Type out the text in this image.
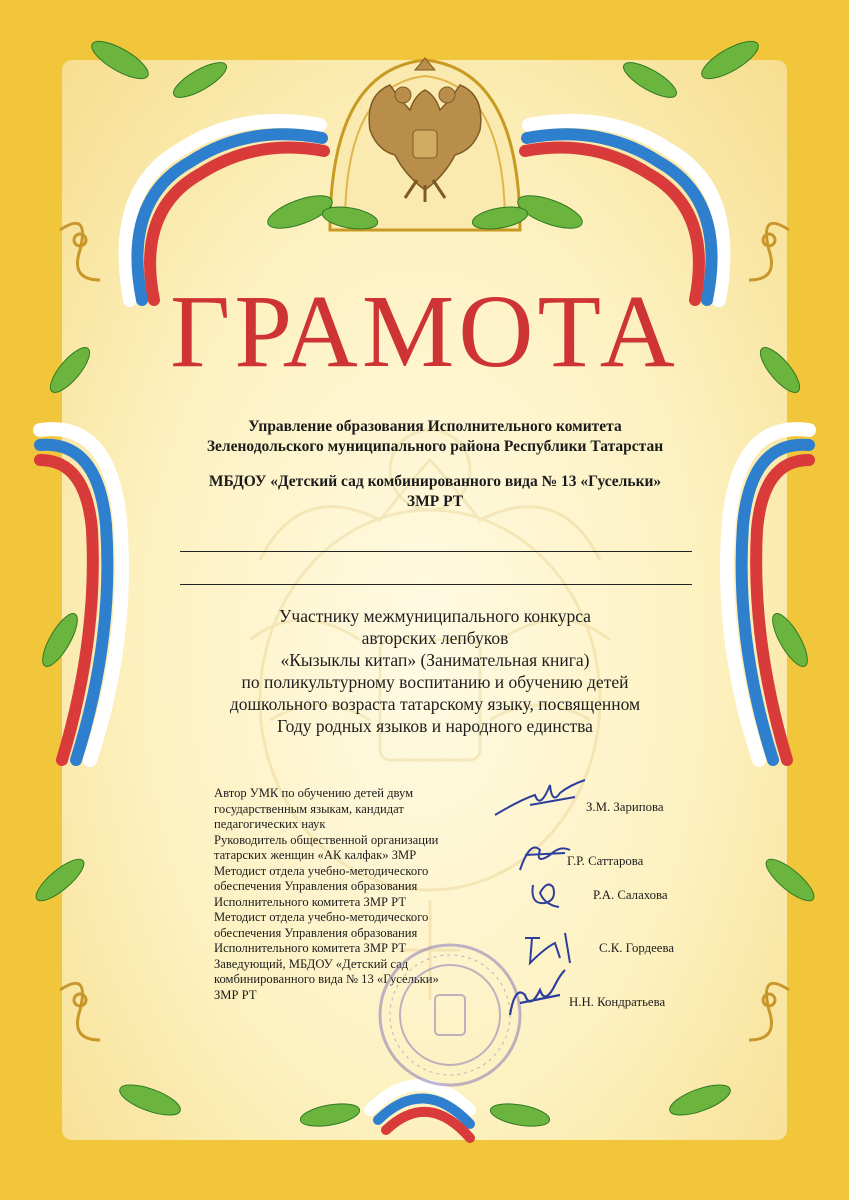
ГРАМОТА
Управление образования Исполнительного комитета
Зеленодольского муниципального района Республики Татарстан
МБДОУ «Детский сад комбинированного вида № 13 «Гусельки»
ЗМР РТ
Участнику межмуниципального конкурса
авторских лепбуков
«Кызыклы китап» (Занимательная книга)
по поликультурному воспитанию и обучению детей
дошкольного возраста татарскому языку, посвященном
Году родных языков и народного единства
Автор УМК по обучению детей двум
государственным языкам, кандидат
педагогических наук
Руководитель общественной организации
татарских женщин «АК калфак» ЗМР
Методист отдела учебно-методического
обеспечения Управления образования
Исполнительного комитета ЗМР РТ
Методист отдела учебно-методического
обеспечения Управления образования
Исполнительного комитета ЗМР РТ
Заведующий, МБДОУ «Детский сад
комбинированного вида № 13 «Гусельки»
ЗМР РТ
З.М. Зарипова
Г.Р. Саттарова
Р.А. Салахова
С.К. Гордеева
Н.Н. Кондратьева
